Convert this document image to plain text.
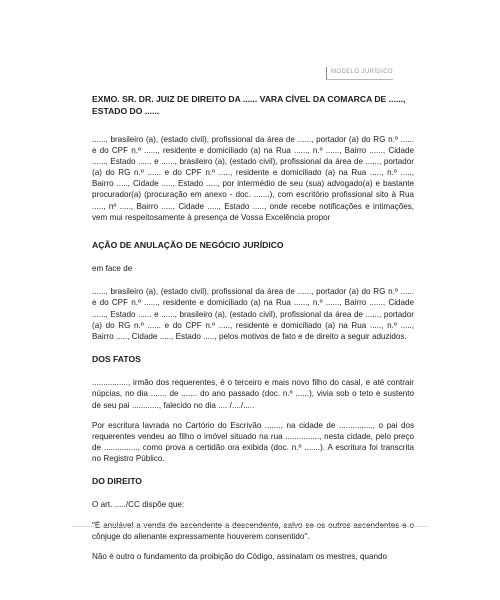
MODELO JURÍDICO

EXMO. SR. DR. JUIZ DE DIREITO DA ...... VARA CÍVEL DA COMARCA DE ......, ESTADO DO ......

......, brasileiro (a), (estado civil), profissional da área de ......, portador (a) do RG n.º ...... e do CPF n.º ......, residente e domiciliado (a) na Rua ......, n.º ......, Bairro ......, Cidade ......, Estado ...... e ......, brasileiro (a), (estado civil), profissional da área de ......, portador (a) do RG n.º ...... e do CPF n.º ....., residente e domiciliado (a) na Rua ....., n.º ....., Bairro ....., Cidade ....., Estado ....., por intermédio de seu (sua) advogado(a) e bastante procurador(a) (procuração em anexo - doc. .......), com escritório profissional sito à Rua ....., nº ....., Bairro ....., Cidade ....., Estado ....., onde recebe notificações e intimações, vem mui respeitosamente à presença de Vossa Excelência propor

AÇÃO DE ANULAÇÃO DE NEGÓCIO JURÍDICO

em face de

......, brasileiro (a), (estado civil), profissional da área de ......, portador (a) do RG n.º ...... e do CPF n.º ......, residente e domiciliado (a) na Rua ......, n.º ......, Bairro ......, Cidade ......, Estado ...... e ......, brasileiro (a), (estado civil), profissional da área de ......, portador (a) do RG n.º ...... e do CPF n.º ....., residente e domiciliado (a) na Rua ....., n.º ....., Bairro ....., Cidade ....., Estado ....., pelos motivos de fato e de direito a seguir aduzidos.

DOS FATOS

................, irmão dos requerentes, é o terceiro e mais novo filho do casal, e até contrair núpcias, no dia ....... de ....... do ano passado (doc. n.º ......), vivia sob o teto e sustento de seu pai ............, falecido no dia .... /..../.....

Por escritura lavrada no Cartório do Escrivão ......., na cidade de ..............., o pai dos requerentes vendeu ao filho o imóvel situado na rua ..............., nesta cidade, pelo preço de ..............., como prova a certidão ora exibida (doc. n.º .......). A escritura foi transcrita no Registro Público.

DO DIREITO

O art. ...../CC dispõe que:

"É anulável a venda de ascendente a descendente, salvo se os outros ascendentes e o cônjuge do alienante expressamente houverem consentido".

Não é outro o fundamento da proibição do Código, assinalam os mestres, quando
